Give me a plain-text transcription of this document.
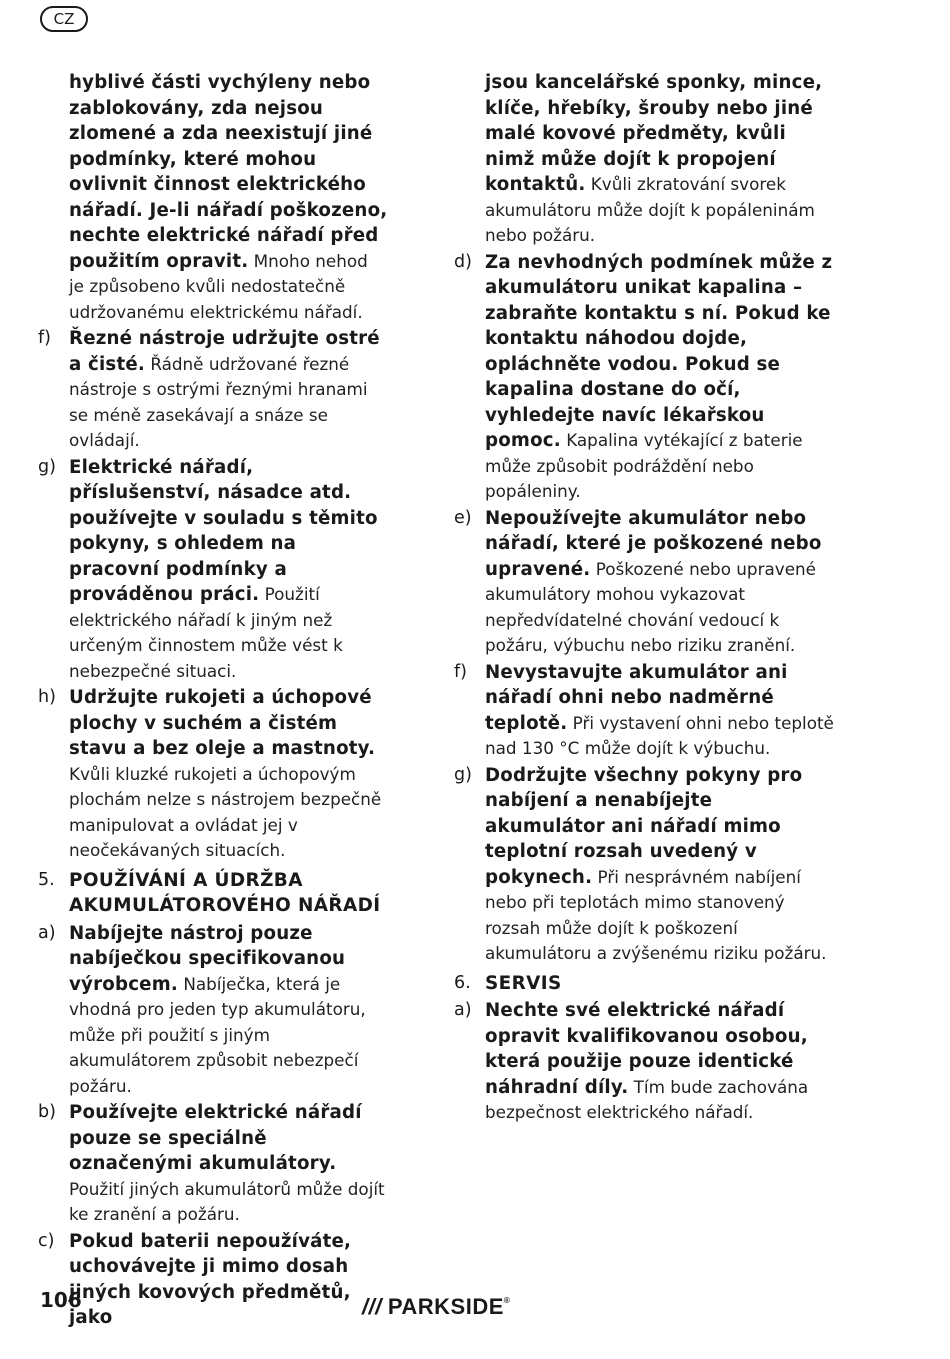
CZ

hyblivé části vychýleny nebo zablokovány, zda nejsou zlomené a zda neexistují jiné podmínky, které mohou ovlivnit činnost elektrického nářadí. Je-li nářadí poškozeno, nechte elektrické nářadí před použitím opravit. Mnoho nehod je způsobeno kvůli nedostatečně udržovanému elektrickému nářadí.

f) Řezné nástroje udržujte ostré a čisté. Řádně udržované řezné nástroje s ostrými řeznými hranami se méně zasekávají a snáze se ovládají.

g) Elektrické nářadí, příslušenství, násadce atd. používejte v souladu s těmito pokyny, s ohledem na pracovní podmínky a prováděnou práci. Použití elektrického nářadí k jiným než určeným činnostem může vést k nebezpečné situaci.

h) Udržujte rukojeti a úchopové plochy v suchém a čistém stavu a bez oleje a mastnoty. Kvůli kluzké rukojeti a úchopovým plochám nelze s nástrojem bezpečně manipulovat a ovládat jej v neočekávaných situacích.

5. POUŽÍVÁNÍ A ÚDRŽBA AKUMULÁTOROVÉHO NÁŘADÍ
a) Nabíjejte nástroj pouze nabíječkou specifikovanou výrobcem. Nabíječka, která je vhodná pro jeden typ akumulátoru, může při použití s jiným akumulátorem způsobit nebezpečí požáru.

b) Používejte elektrické nářadí pouze se speciálně označenými akumulátory. Použití jiných akumulátorů může dojít ke zranění a požáru.

c) Pokud baterii nepoužíváte, uchovávejte ji mimo dosah jiných kovových předmětů, jako

jsou kancelářské sponky, mince, klíče, hřebíky, šrouby nebo jiné malé kovové předměty, kvůli nimž může dojít k propojení kontaktů. Kvůli zkratování svorek akumulátoru může dojít k popáleninám nebo požáru.

d) Za nevhodných podmínek může z akumulátoru unikat kapalina – zabraňte kontaktu s ní. Pokud ke kontaktu náhodou dojde, opláchněte vodou. Pokud se kapalina dostane do očí, vyhledejte navíc lékařskou pomoc. Kapalina vytékající z baterie může způsobit podráždění nebo popáleniny.

e) Nepoužívejte akumulátor nebo nářadí, které je poškozené nebo upravené. Poškozené nebo upravené akumulátory mohou vykazovat nepředvídatelné chování vedoucí k požáru, výbuchu nebo riziku zranění.

f) Nevystavujte akumulátor ani nářadí ohni nebo nadměrné teplotě. Při vystavení ohni nebo teplotě nad 130 °C může dojít k výbuchu.

g) Dodržujte všechny pokyny pro nabíjení a nenabíjejte akumulátor ani nářadí mimo teplotní rozsah uvedený v pokynech. Při nesprávném nabíjení nebo při teplotách mimo stanovený rozsah může dojít k poškození akumulátoru a zvýšenému riziku požáru.

6. SERVIS
a) Nechte své elektrické nářadí opravit kvalifikovanou osobou, která použije pouze identické náhradní díly. Tím bude zachována bezpečnost elektrického nářadí.

106	/// PARKSIDE®
